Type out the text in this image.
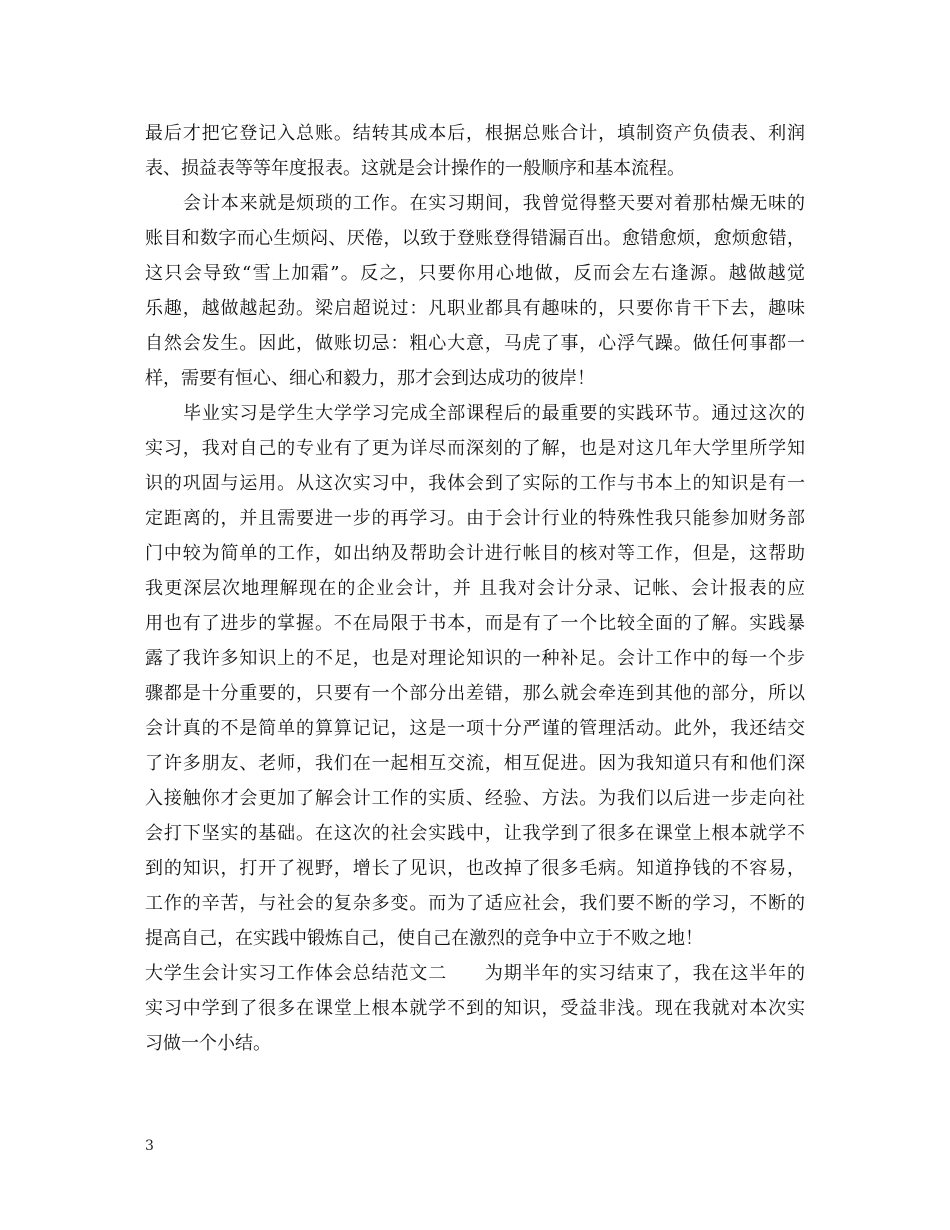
最后才把它登记入总账。结转其成本后，根据总账合计，填制资产负债表、利润
表、损益表等等年度报表。这就是会计操作的一般顺序和基本流程。
会计本来就是烦琐的工作。在实习期间，我曾觉得整天要对着那枯燥无味的
账目和数字而心生烦闷、厌倦，以致于登账登得错漏百出。愈错愈烦，愈烦愈错，
这只会导致“雪上加霜”。反之，只要你用心地做，反而会左右逢源。越做越觉
乐趣，越做越起劲。梁启超说过：凡职业都具有趣味的，只要你肯干下去，趣味
自然会发生。因此，做账切忌：粗心大意，马虎了事，心浮气躁。做任何事都一
样，需要有恒心、细心和毅力，那才会到达成功的彼岸！
毕业实习是学生大学学习完成全部课程后的最重要的实践环节。通过这次的
实习，我对自己的专业有了更为详尽而深刻的了解，也是对这几年大学里所学知
识的巩固与运用。从这次实习中，我体会到了实际的工作与书本上的知识是有一
定距离的，并且需要进一步的再学习。由于会计行业的特殊性我只能参加财务部
门中较为简单的工作，如出纳及帮助会计进行帐目的核对等工作，但是，这帮助
我更深层次地理解现在的企业会计，并 且我对会计分录、记帐、会计报表的应
用也有了进步的掌握。不在局限于书本，而是有了一个比较全面的了解。实践暴
露了我许多知识上的不足，也是对理论知识的一种补足。会计工作中的每一个步
骤都是十分重要的，只要有一个部分出差错，那么就会牵连到其他的部分，所以
会计真的不是简单的算算记记，这是一项十分严谨的管理活动。此外，我还结交
了许多朋友、老师，我们在一起相互交流，相互促进。因为我知道只有和他们深
入接触你才会更加了解会计工作的实质、经验、方法。为我们以后进一步走向社
会打下坚实的基础。在这次的社会实践中，让我学到了很多在课堂上根本就学不
到的知识，打开了视野，增长了见识，也改掉了很多毛病。知道挣钱的不容易，
工作的辛苦，与社会的复杂多变。而为了适应社会，我们要不断的学习，不断的
提高自己，在实践中锻炼自己，使自己在激烈的竞争中立于不败之地！
大学生会计实习工作体会总结范文二　　为期半年的实习结束了，我在这半年的
实习中学到了很多在课堂上根本就学不到的知识，受益非浅。现在我就对本次实
习做一个小结。
3
